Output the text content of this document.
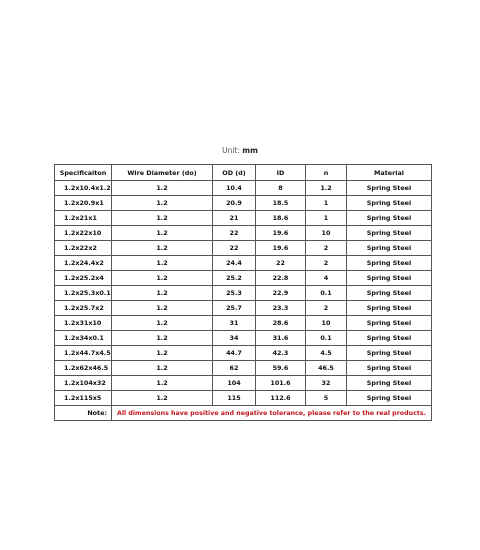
Unit: mm
Specificaiton	Wire Diameter (do)	OD (d)	ID	n	Material
1.2x10.4x1.2	1.2	10.4	8	1.2	Spring Steel
1.2x20.9x1	1.2	20.9	18.5	1	Spring Steel
1.2x21x1	1.2	21	18.6	1	Spring Steel
1.2x22x10	1.2	22	19.6	10	Spring Steel
1.2x22x2	1.2	22	19.6	2	Spring Steel
1.2x24.4x2	1.2	24.4	22	2	Spring Steel
1.2x25.2x4	1.2	25.2	22.8	4	Spring Steel
1.2x25.3x0.1	1.2	25.3	22.9	0.1	Spring Steel
1.2x25.7x2	1.2	25.7	23.3	2	Spring Steel
1.2x31x10	1.2	31	28.6	10	Spring Steel
1.2x34x0.1	1.2	34	31.6	0.1	Spring Steel
1.2x44.7x4.5	1.2	44.7	42.3	4.5	Spring Steel
1.2x62x46.5	1.2	62	59.6	46.5	Spring Steel
1.2x104x32	1.2	104	101.6	32	Spring Steel
1.2x115x5	1.2	115	112.6	5	Spring Steel
Note:	All dimensions have positive and negative tolerance, please refer to the real products.				
